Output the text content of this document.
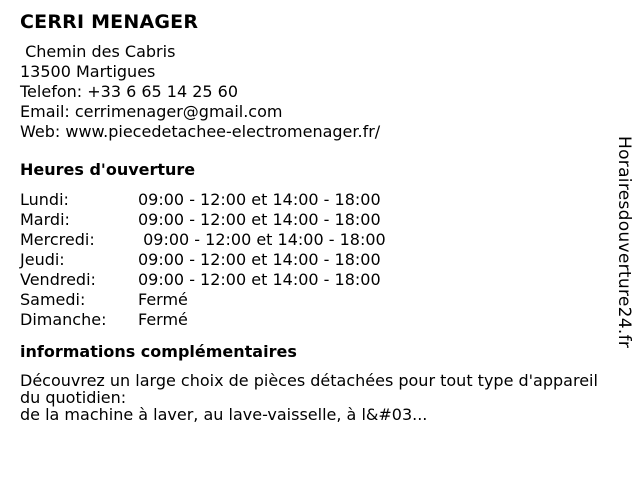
CERRI MENAGER
Chemin des Cabris
13500 Martigues
Telefon: +33 6 65 14 25 60
Email: cerrimenager@gmail.com
Web: www.piecedetachee-electromenager.fr/
Heures d'ouverture
Lundi:	09:00 - 12:00 et 14:00 - 18:00
Mardi:	09:00 - 12:00 et 14:00 - 18:00
Mercredi:	09:00 - 12:00 et 14:00 - 18:00
Jeudi:	09:00 - 12:00 et 14:00 - 18:00
Vendredi:	09:00 - 12:00 et 14:00 - 18:00
Samedi:	Fermé
Dimanche:	Fermé
informations complémentaires
Découvrez un large choix de pièces détachées pour tout type d'appareil du quotidien:
de la machine à laver, au lave-vaisselle, à l&#03...
Horairesdouverture24.fr
